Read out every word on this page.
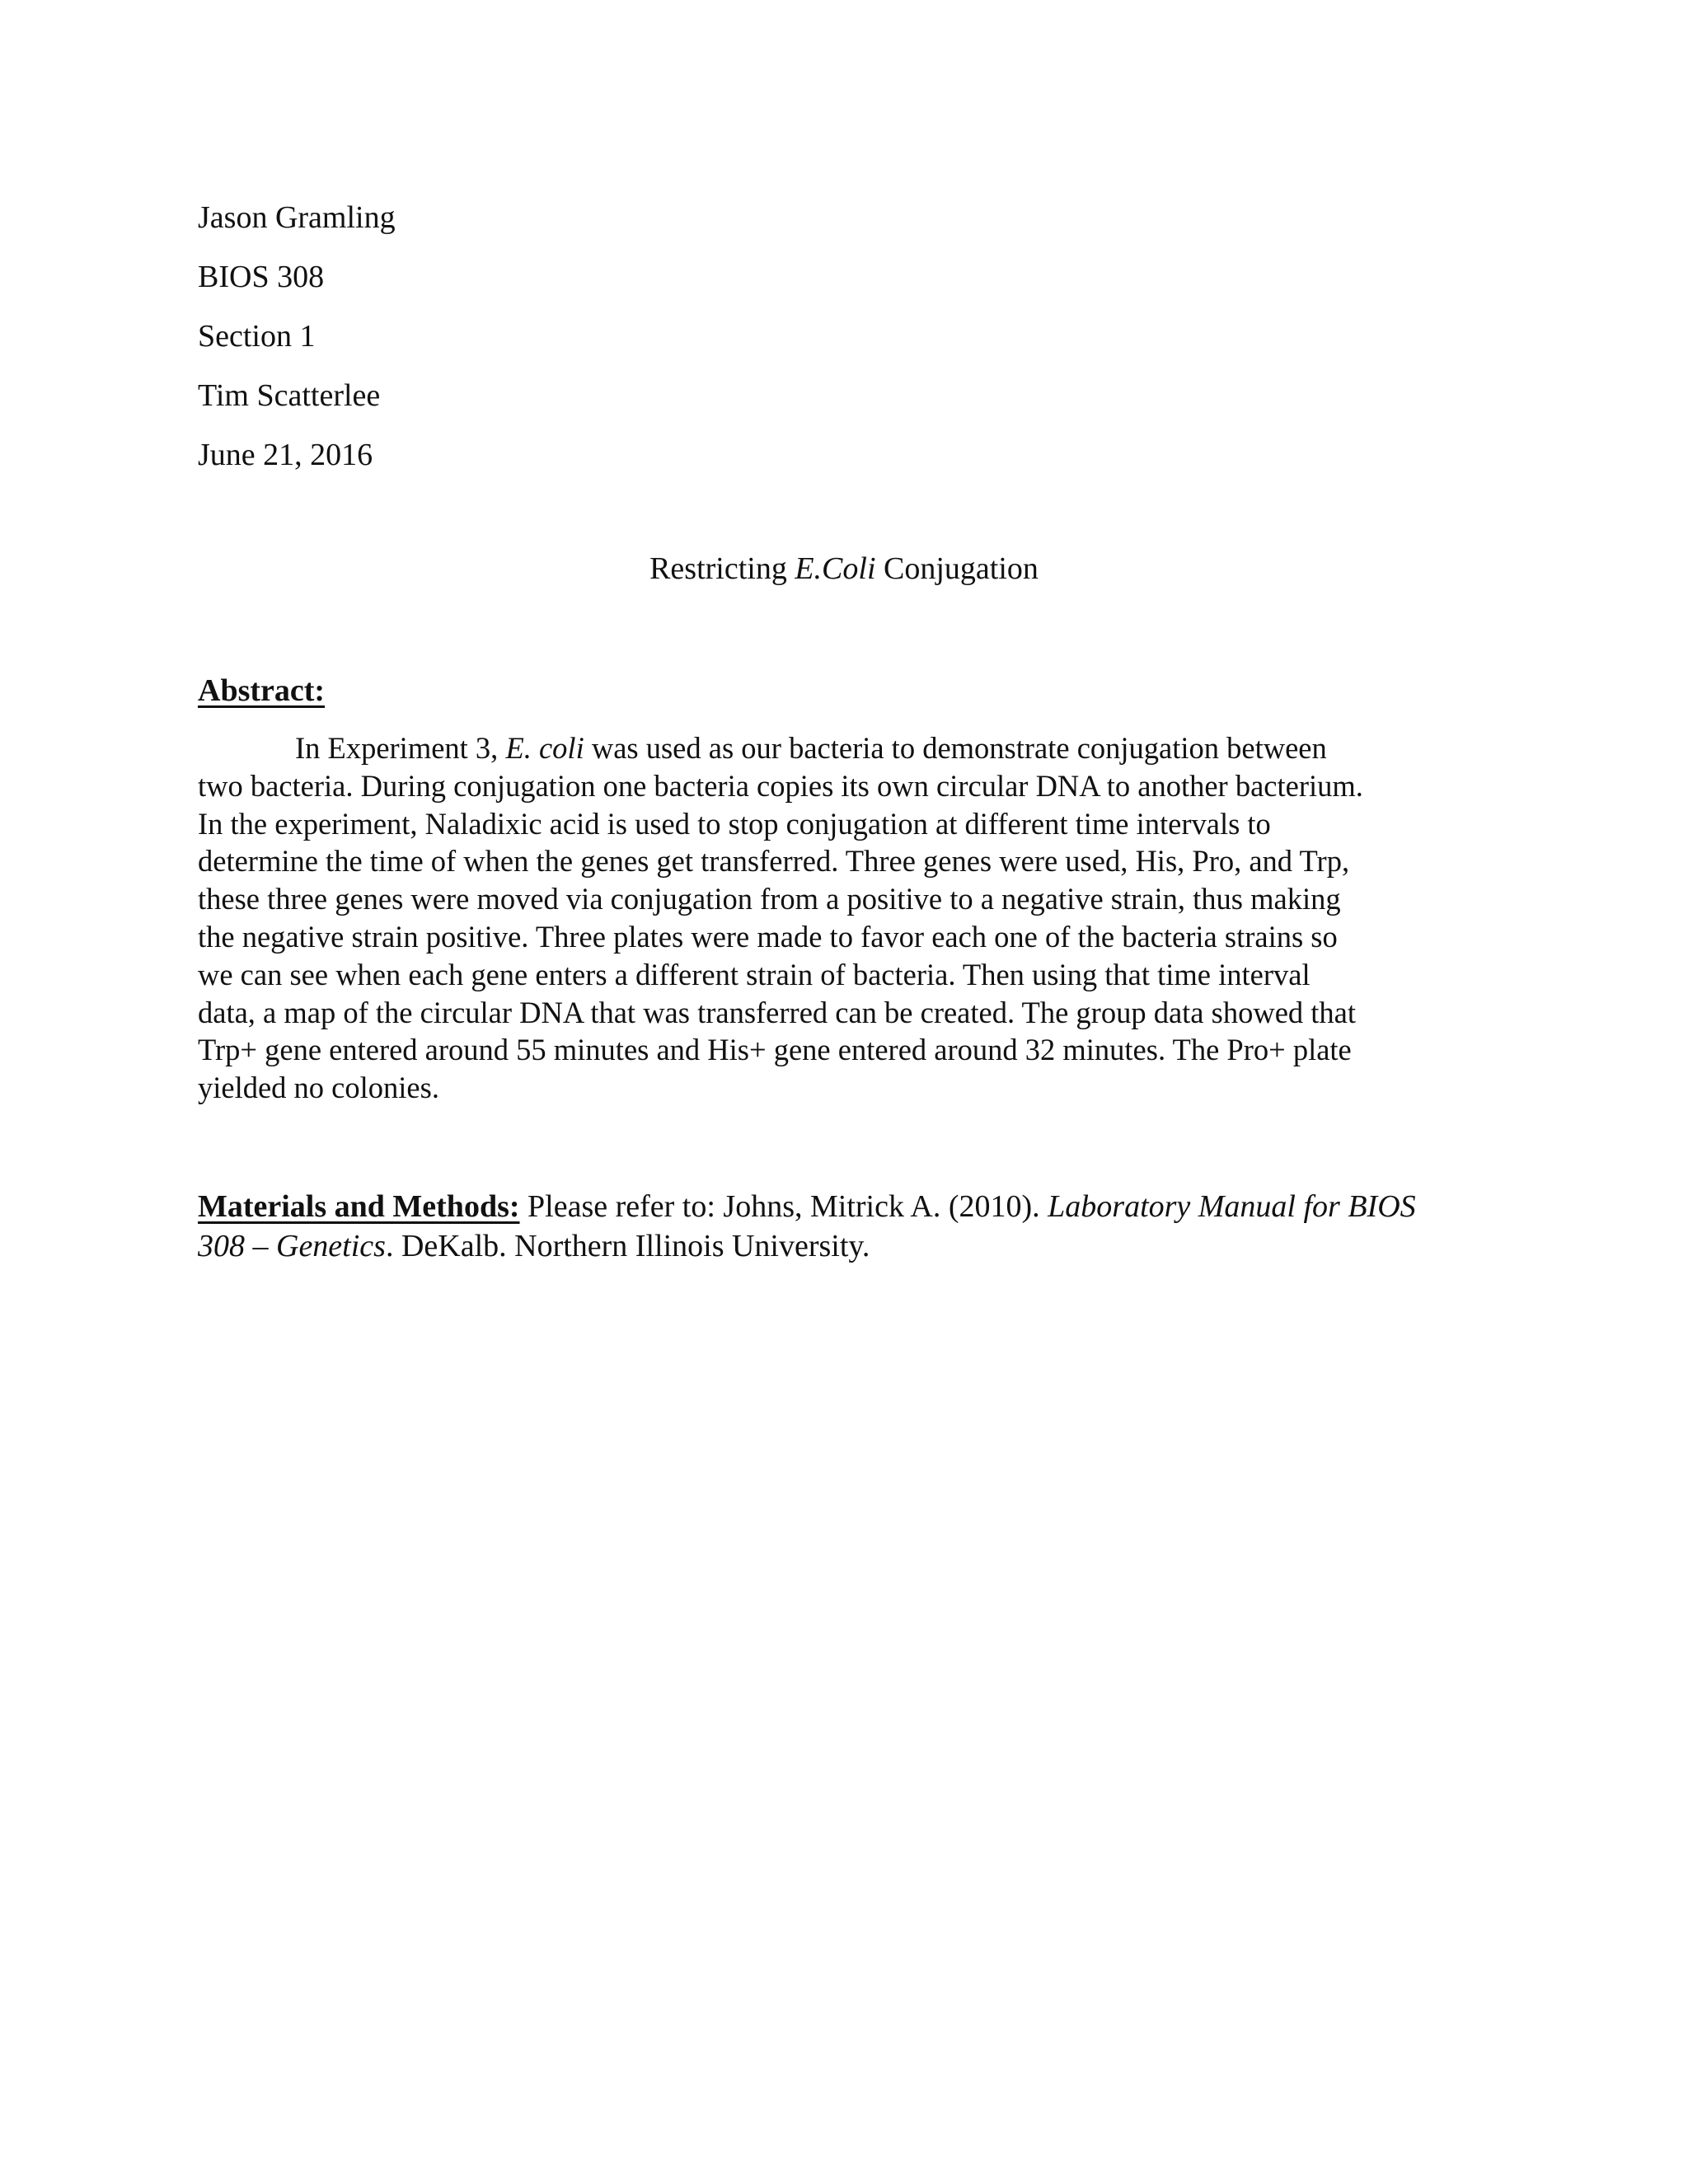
Jason Gramling
BIOS 308
Section 1
Tim Scatterlee
June 21, 2016
Restricting E.Coli Conjugation
Abstract:
In Experiment 3, E. coli was used as our bacteria to demonstrate conjugation between
two bacteria. During conjugation one bacteria copies its own circular DNA to another bacterium.
In the experiment, Naladixic acid is used to stop conjugation at different time intervals to
determine the time of when the genes get transferred. Three genes were used, His, Pro, and Trp,
these three genes were moved via conjugation from a positive to a negative strain, thus making
the negative strain positive. Three plates were made to favor each one of the bacteria strains so
we can see when each gene enters a different strain of bacteria. Then using that time interval
data, a map of the circular DNA that was transferred can be created. The group data showed that
Trp+ gene entered around 55 minutes and His+ gene entered around 32 minutes. The Pro+ plate
yielded no colonies.
Materials and Methods: Please refer to: Johns, Mitrick A. (2010). Laboratory Manual for BIOS
308 – Genetics. DeKalb. Northern Illinois University.
